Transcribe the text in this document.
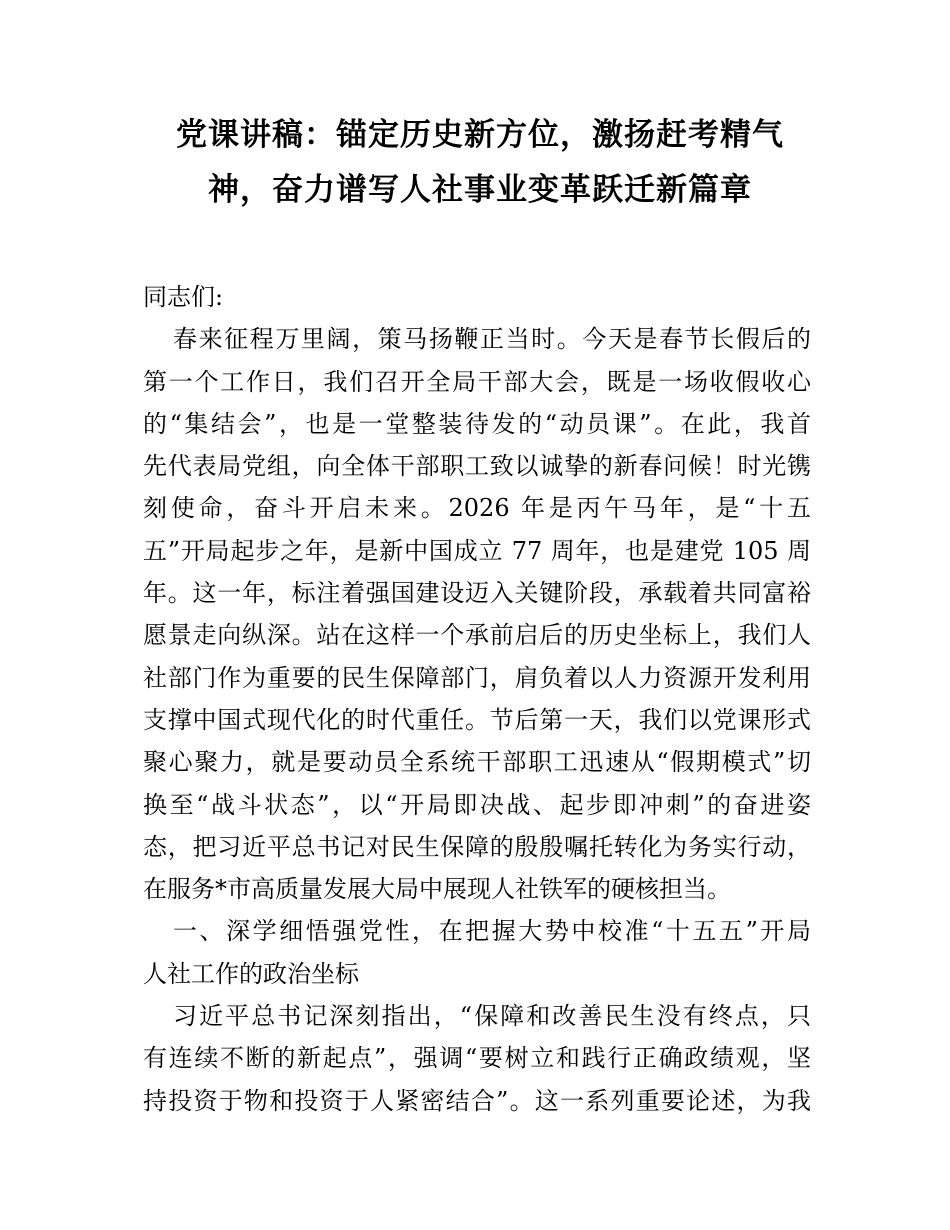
党课讲稿：锚定历史新方位，激扬赶考精气
神，奋力谱写人社事业变革跃迁新篇章
同志们:
春来征程万里阔，策马扬鞭正当时。今天是春节长假后的
第一个工作日，我们召开全局干部大会，既是一场收假收心
的“集结会”，也是一堂整装待发的“动员课”。在此，我首
先代表局党组，向全体干部职工致以诚挚的新春问候！时光镌
刻使命，奋斗开启未来。2026 年是丙午马年，是“十五
五”开局起步之年，是新中国成立 77 周年，也是建党 105 周
年。这一年，标注着强国建设迈入关键阶段，承载着共同富裕
愿景走向纵深。站在这样一个承前启后的历史坐标上，我们人
社部门作为重要的民生保障部门，肩负着以人力资源开发利用
支撑中国式现代化的时代重任。节后第一天，我们以党课形式
聚心聚力，就是要动员全系统干部职工迅速从“假期模式”切
换至“战斗状态”，以“开局即决战、起步即冲刺”的奋进姿
态，把习近平总书记对民生保障的殷殷嘱托转化为务实行动，
在服务*市高质量发展大局中展现人社铁军的硬核担当。
一、深学细悟强党性，在把握大势中校准“十五五”开局
人社工作的政治坐标
习近平总书记深刻指出，“保障和改善民生没有终点，只
有连续不断的新起点”，强调“要树立和践行正确政绩观，坚
持投资于物和投资于人紧密结合”。这一系列重要论述，为我
